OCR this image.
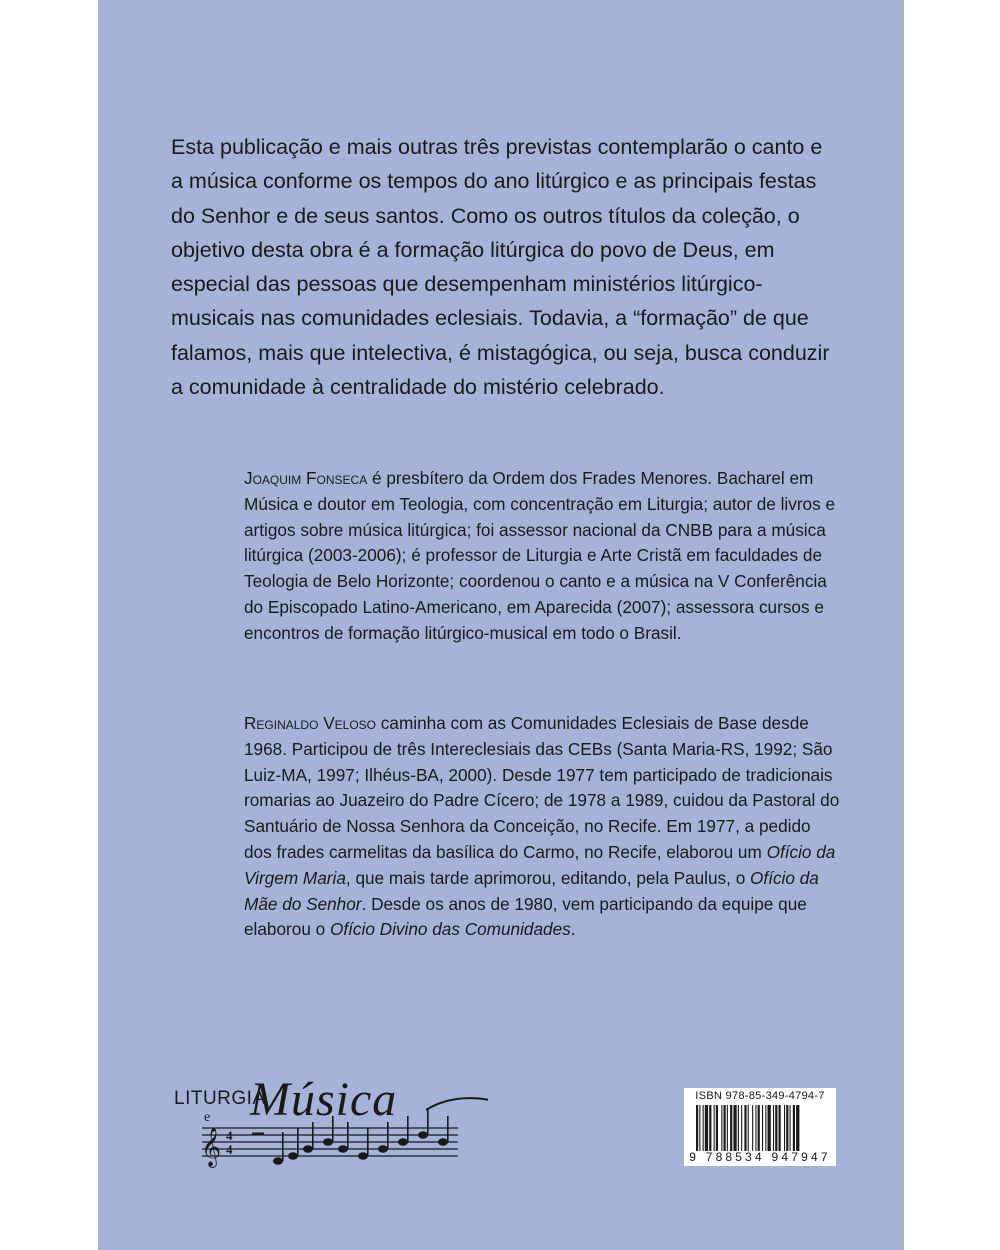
Esta publicação e mais outras três previstas contemplarão o canto e a música conforme os tempos do ano litúrgico e as principais festas do Senhor e de seus santos. Como os outros títulos da coleção, o objetivo desta obra é a formação litúrgica do povo de Deus, em especial das pessoas que desempenham ministérios litúrgico-musicais nas comunidades eclesiais. Todavia, a “formação” de que falamos, mais que intelectiva, é mistagógica, ou seja, busca conduzir a comunidade à centralidade do mistério celebrado.

Joaquim Fonseca é presbítero da Ordem dos Frades Menores. Bacharel em Música e doutor em Teologia, com concentração em Liturgia; autor de livros e artigos sobre música litúrgica; foi assessor nacional da CNBB para a música litúrgica (2003-2006); é professor de Liturgia e Arte Cristã em faculdades de Teologia de Belo Horizonte; coordenou o canto e a música na V Conferência do Episcopado Latino-Americano, em Aparecida (2007); assessora cursos e encontros de formação litúrgico-musical em todo o Brasil.

Reginaldo Veloso caminha com as Comunidades Eclesiais de Base desde 1968. Participou de três Intereclesiais das CEBs (Santa Maria-RS, 1992; São Luiz-MA, 1997; Ilhéus-BA, 2000). Desde 1977 tem participado de tradicionais romarias ao Juazeiro do Padre Cícero; de 1978 a 1989, cuidou da Pastoral do Santuário de Nossa Senhora da Conceição, no Recife. Em 1977, a pedido dos frades carmelitas da basílica do Carmo, no Recife, elaborou um Ofício da Virgem Maria, que mais tarde aprimorou, editando, pela Paulus, o Ofício da Mãe do Senhor. Desde os anos de 1980, vem participando da equipe que elaborou o Ofício Divino das Comunidades.

𝄞 4
4
LITURGIA
e Música	ISBN 978-85-349-4794-7
9 788534 947947
